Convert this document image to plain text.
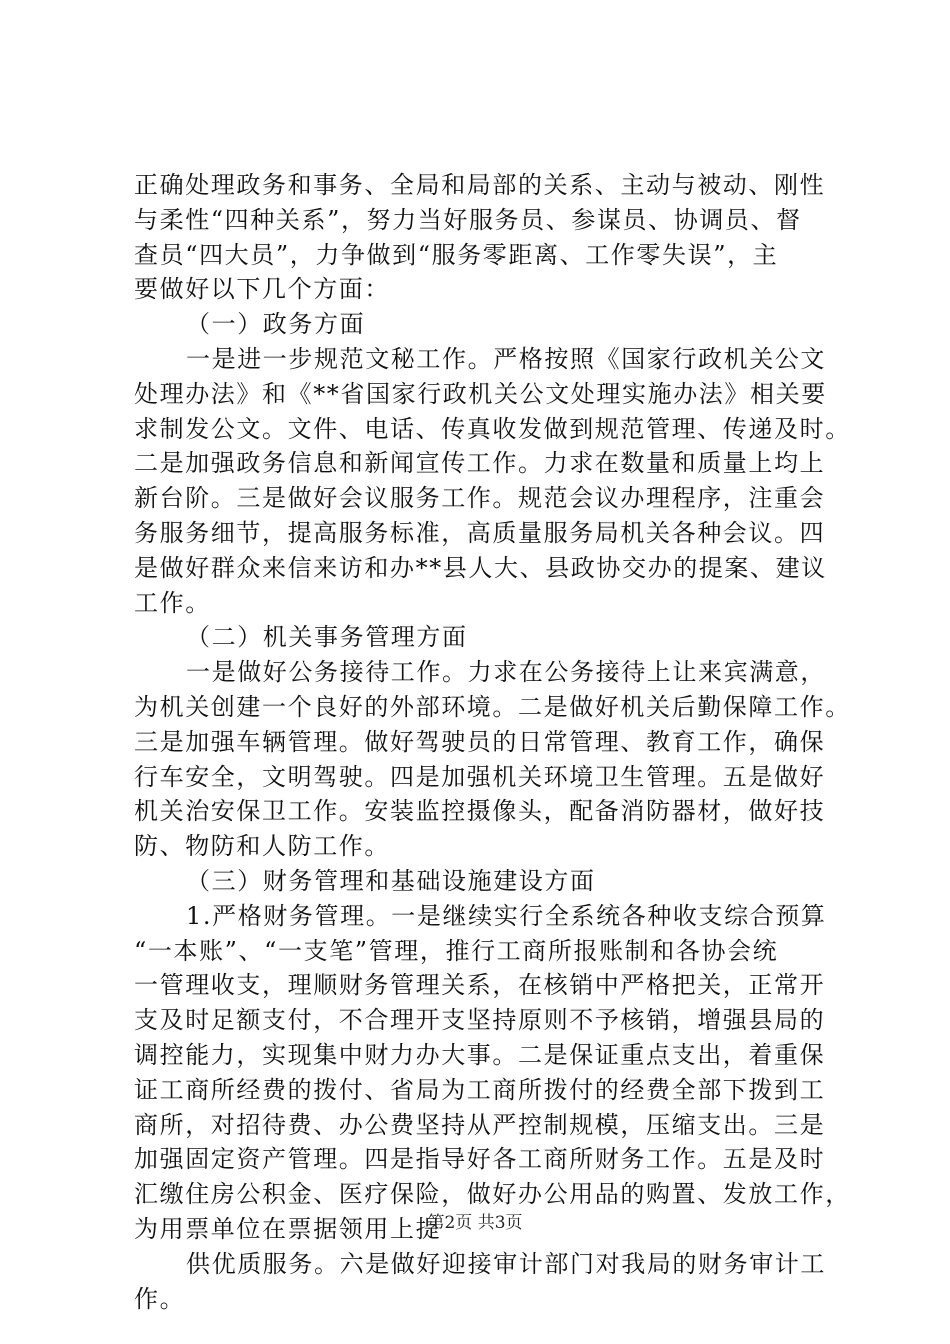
正确处理政务和事务、全局和局部的关系、主动与被动、刚性
与柔性“四种关系”，努力当好服务员、参谋员、协调员、督
查员“四大员”，力争做到“服务零距离、工作零失误”，主
要做好以下几个方面：
（一）政务方面
一是进一步规范文秘工作。严格按照《国家行政机关公文
处理办法》和《**省国家行政机关公文处理实施办法》相关要
求制发公文。文件、电话、传真收发做到规范管理、传递及时。
二是加强政务信息和新闻宣传工作。力求在数量和质量上均上
新台阶。三是做好会议服务工作。规范会议办理程序，注重会
务服务细节，提高服务标准，高质量服务局机关各种会议。四
是做好群众来信来访和办**县人大、县政协交办的提案、建议
工作。
（二）机关事务管理方面
一是做好公务接待工作。力求在公务接待上让来宾满意，
为机关创建一个良好的外部环境。二是做好机关后勤保障工作。
三是加强车辆管理。做好驾驶员的日常管理、教育工作，确保
行车安全，文明驾驶。四是加强机关环境卫生管理。五是做好
机关治安保卫工作。安装监控摄像头，配备消防器材，做好技
防、物防和人防工作。
（三）财务管理和基础设施建设方面
1.严格财务管理。一是继续实行全系统各种收支综合预算
“一本账”、“一支笔”管理，推行工商所报账制和各协会统
一管理收支，理顺财务管理关系，在核销中严格把关，正常开
支及时足额支付，不合理开支坚持原则不予核销，增强县局的
调控能力，实现集中财力办大事。二是保证重点支出，着重保
证工商所经费的拨付、省局为工商所拨付的经费全部下拨到工
商所，对招待费、办公费坚持从严控制规模，压缩支出。三是
加强固定资产管理。四是指导好各工商所财务工作。五是及时
汇缴住房公积金、医疗保险，做好办公用品的购置、发放工作，
为用票单位在票据领用上提
供优质服务。六是做好迎接审计部门对我局的财务审计工
作。
第2页 共3页
